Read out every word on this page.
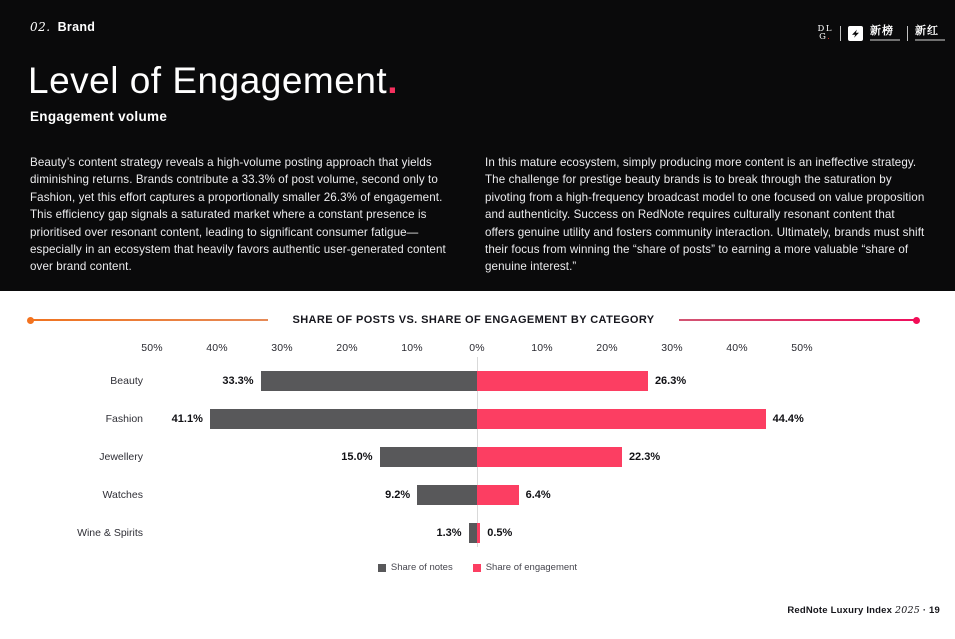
02. Brand	DL
G.
新榜 新红
Level of Engagement.
Engagement volume
Beauty’s content strategy reveals a high-volume posting approach that yields diminishing returns. Brands contribute a 33.3% of post volume, second only to Fashion, yet this effort captures a proportionally smaller 26.3% of engagement. This efficiency gap signals a saturated market where a constant presence is prioritised over resonant content, leading to significant consumer fatigue—especially in an ecosystem that heavily favors authentic user-generated content over brand content.
In this mature ecosystem, simply producing more content is an ineffective strategy. The challenge for prestige beauty brands is to break through the saturation by pivoting from a high-frequency broadcast model to one focused on value proposition and authenticity. Success on RedNote requires culturally resonant content that offers genuine utility and fosters community interaction. Ultimately, brands must shift their focus from winning the “share of posts” to earning a more valuable “share of genuine interest.”
SHARE OF POSTS VS. SHARE OF ENGAGEMENT BY CATEGORY
50%	40%	30%	20%	10%	0%	10%	20%	30%	40%	50%
Beauty	33.3%	26.3%
Fashion	41.1%	44.4%
Jewellery	15.0%	22.3%
Watches	9.2%	6.4%
Wine & Spirits	1.3% 0.5%
Share of notes	Share of engagement
RedNote Luxury Index 2025 · 19
